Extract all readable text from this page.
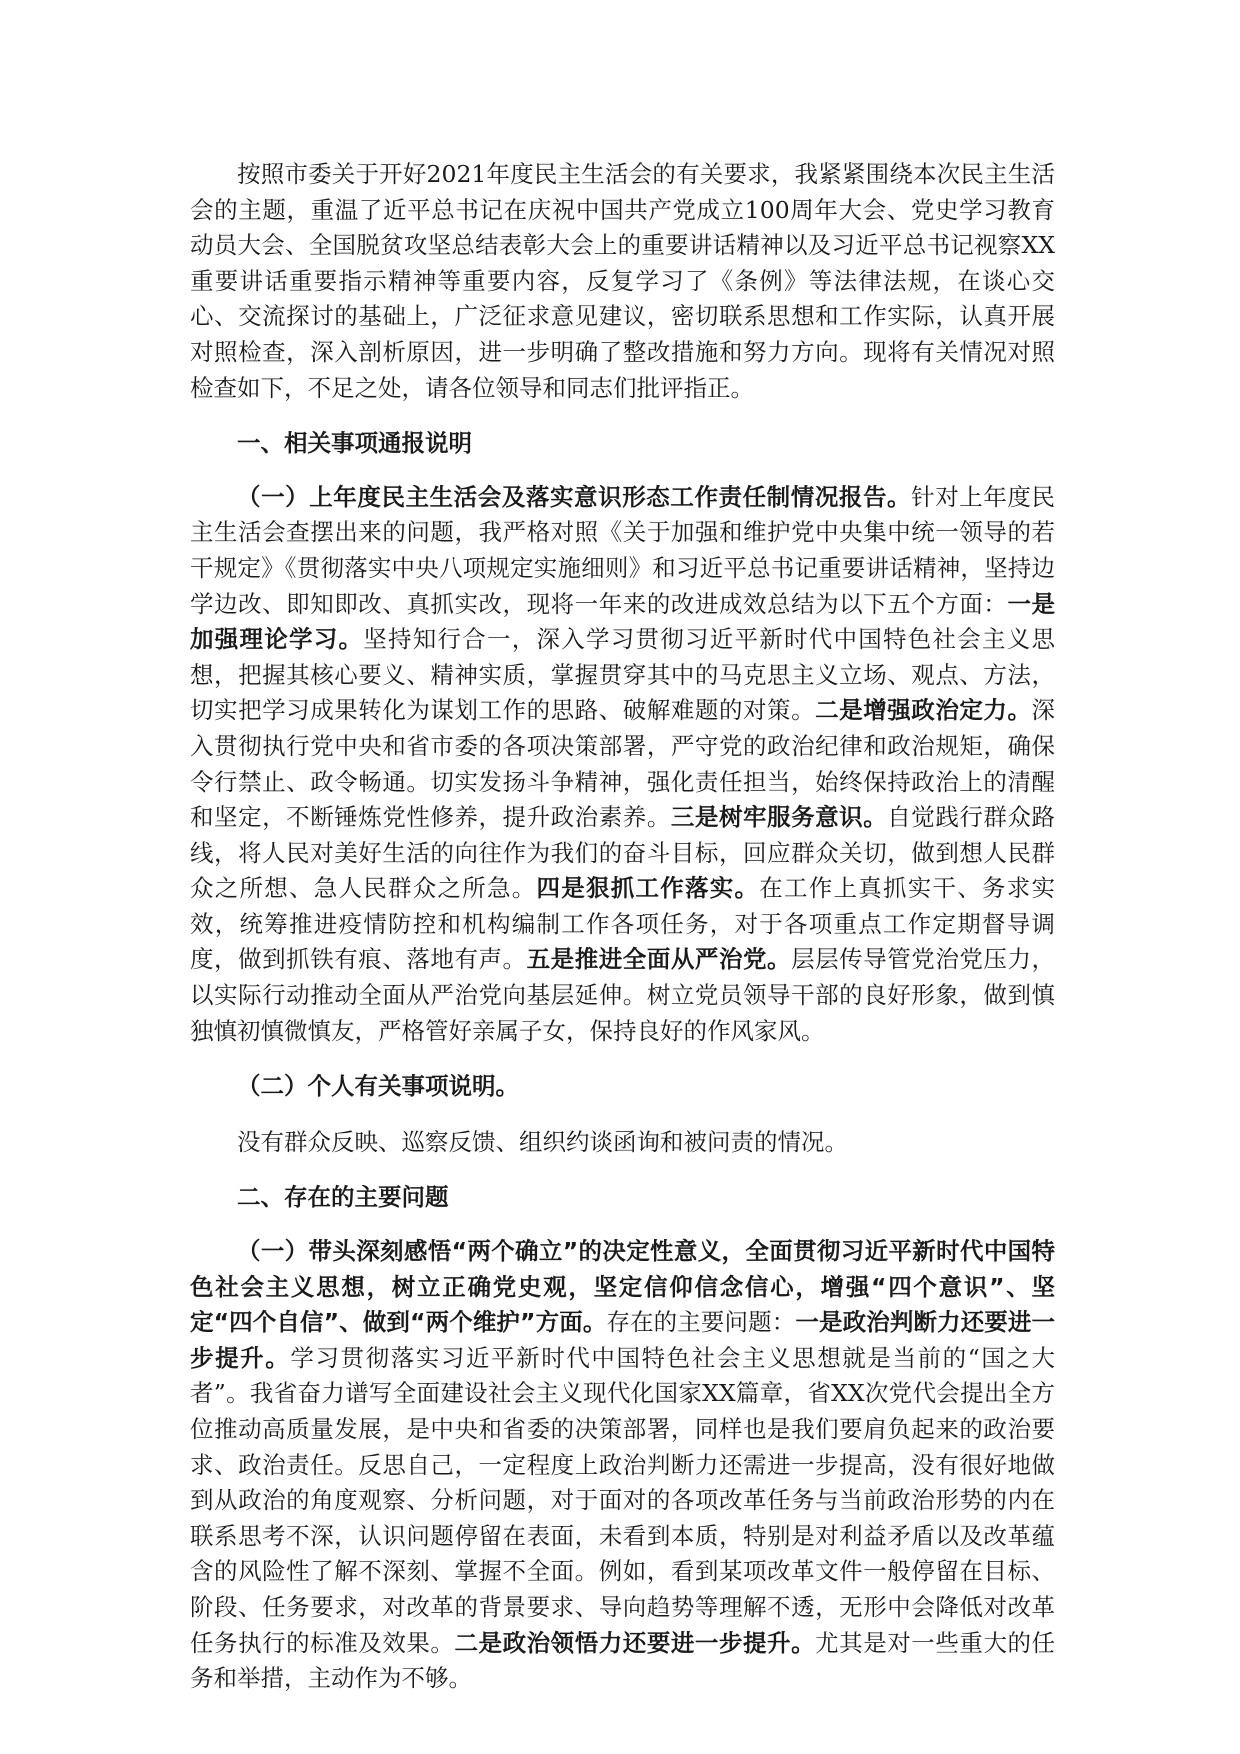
按照市委关于开好2021年度民主生活会的有关要求，我紧紧围绕本次民主生活会的主题，重温了近平总书记在庆祝中国共产党成立100周年大会、党史学习教育动员大会、全国脱贫攻坚总结表彰大会上的重要讲话精神以及习近平总书记视察XX重要讲话重要指示精神等重要内容，反复学习了《条例》等法律法规，在谈心交心、交流探讨的基础上，广泛征求意见建议，密切联系思想和工作实际，认真开展对照检查，深入剖析原因，进一步明确了整改措施和努力方向。现将有关情况对照检查如下，不足之处，请各位领导和同志们批评指正。

一、相关事项通报说明

（一）上年度民主生活会及落实意识形态工作责任制情况报告。针对上年度民主生活会查摆出来的问题，我严格对照《关于加强和维护党中央集中统一领导的若干规定》《贯彻落实中央八项规定实施细则》和习近平总书记重要讲话精神，坚持边学边改、即知即改、真抓实改，现将一年来的改进成效总结为以下五个方面：一是加强理论学习。坚持知行合一，深入学习贯彻习近平新时代中国特色社会主义思想，把握其核心要义、精神实质，掌握贯穿其中的马克思主义立场、观点、方法，切实把学习成果转化为谋划工作的思路、破解难题的对策。二是增强政治定力。深入贯彻执行党中央和省市委的各项决策部署，严守党的政治纪律和政治规矩，确保令行禁止、政令畅通。切实发扬斗争精神，强化责任担当，始终保持政治上的清醒和坚定，不断锤炼党性修养，提升政治素养。三是树牢服务意识。自觉践行群众路线，将人民对美好生活的向往作为我们的奋斗目标，回应群众关切，做到想人民群众之所想、急人民群众之所急。四是狠抓工作落实。在工作上真抓实干、务求实效，统筹推进疫情防控和机构编制工作各项任务，对于各项重点工作定期督导调度，做到抓铁有痕、落地有声。五是推进全面从严治党。层层传导管党治党压力，以实际行动推动全面从严治党向基层延伸。树立党员领导干部的良好形象，做到慎独慎初慎微慎友，严格管好亲属子女，保持良好的作风家风。

（二）个人有关事项说明。

没有群众反映、巡察反馈、组织约谈函询和被问责的情况。

二、存在的主要问题

（一）带头深刻感悟“两个确立”的决定性意义，全面贯彻习近平新时代中国特色社会主义思想，树立正确党史观，坚定信仰信念信心，增强“四个意识”、坚定“四个自信”、做到“两个维护”方面。存在的主要问题：一是政治判断力还要进一步提升。学习贯彻落实习近平新时代中国特色社会主义思想就是当前的“国之大者”。我省奋力谱写全面建设社会主义现代化国家XX篇章，省XX次党代会提出全方位推动高质量发展，是中央和省委的决策部署，同样也是我们要肩负起来的政治要求、政治责任。反思自己，一定程度上政治判断力还需进一步提高，没有很好地做到从政治的角度观察、分析问题，对于面对的各项改革任务与当前政治形势的内在联系思考不深，认识问题停留在表面，未看到本质，特别是对利益矛盾以及改革蕴含的风险性了解不深刻、掌握不全面。例如，看到某项改革文件一般停留在目标、阶段、任务要求，对改革的背景要求、导向趋势等理解不透，无形中会降低对改革任务执行的标准及效果。二是政治领悟力还要进一步提升。尤其是对一些重大的任务和举措，主动作为不够。
